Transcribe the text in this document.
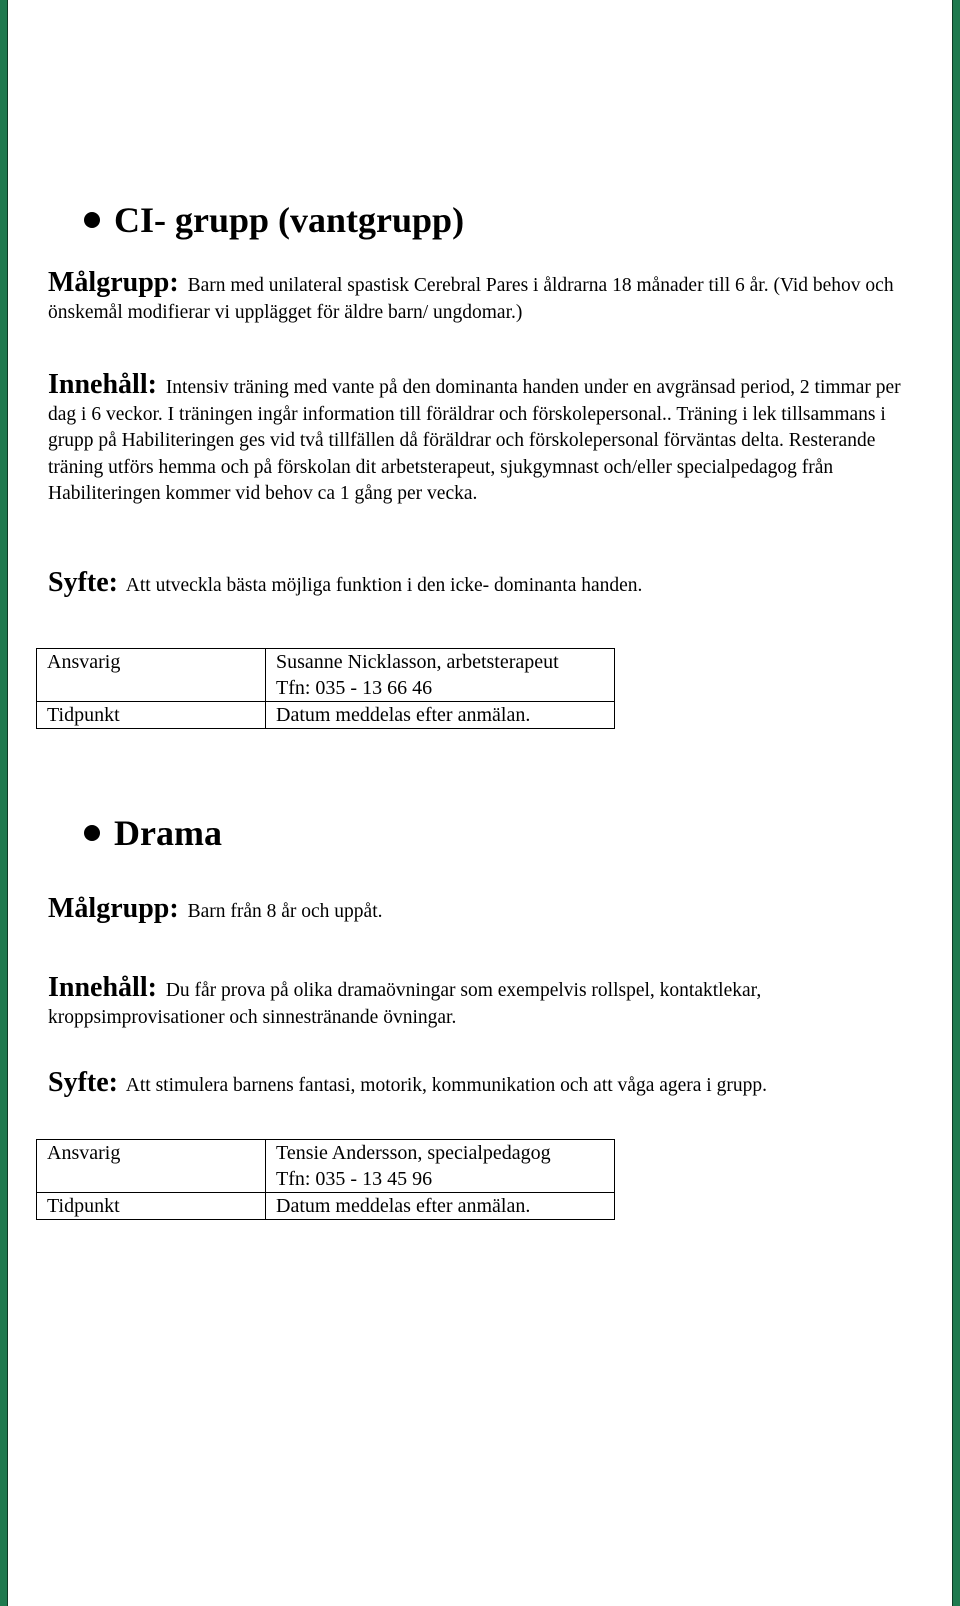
CI- grupp (vantgrupp)
Målgrupp: Barn med unilateral spastisk Cerebral Pares i åldrarna 18 månader till 6 år. (Vid behov och önskemål modifierar vi upplägget för äldre barn/ ungdomar.)
Innehåll: Intensiv träning med vante på den dominanta handen under en avgränsad period, 2 timmar per dag i 6 veckor. I träningen ingår information till föräldrar och förskolepersonal.. Träning i lek tillsammans i grupp på Habiliteringen ges vid två tillfällen då föräldrar och förskolepersonal förväntas delta. Resterande träning utförs hemma och på förskolan dit arbetsterapeut, sjukgymnast och/eller specialpedagog från Habiliteringen kommer vid behov ca 1 gång per vecka.
Syfte: Att utveckla bästa möjliga funktion i den icke- dominanta handen.
Ansvarig	Susanne Nicklasson, arbetsterapeut
Tfn: 035 - 13 66 46

Tidpunkt	Datum meddelas efter anmälan.
Drama
Målgrupp: Barn från 8 år och uppåt.
Innehåll: Du får prova på olika dramaövningar som exempelvis rollspel, kontaktlekar, kroppsimprovisationer och sinnestränande övningar.
Syfte: Att stimulera barnens fantasi, motorik, kommunikation och att våga agera i grupp.
Ansvarig	Tensie Andersson, specialpedagog
Tfn: 035 - 13 45 96

Tidpunkt	Datum meddelas efter anmälan.
